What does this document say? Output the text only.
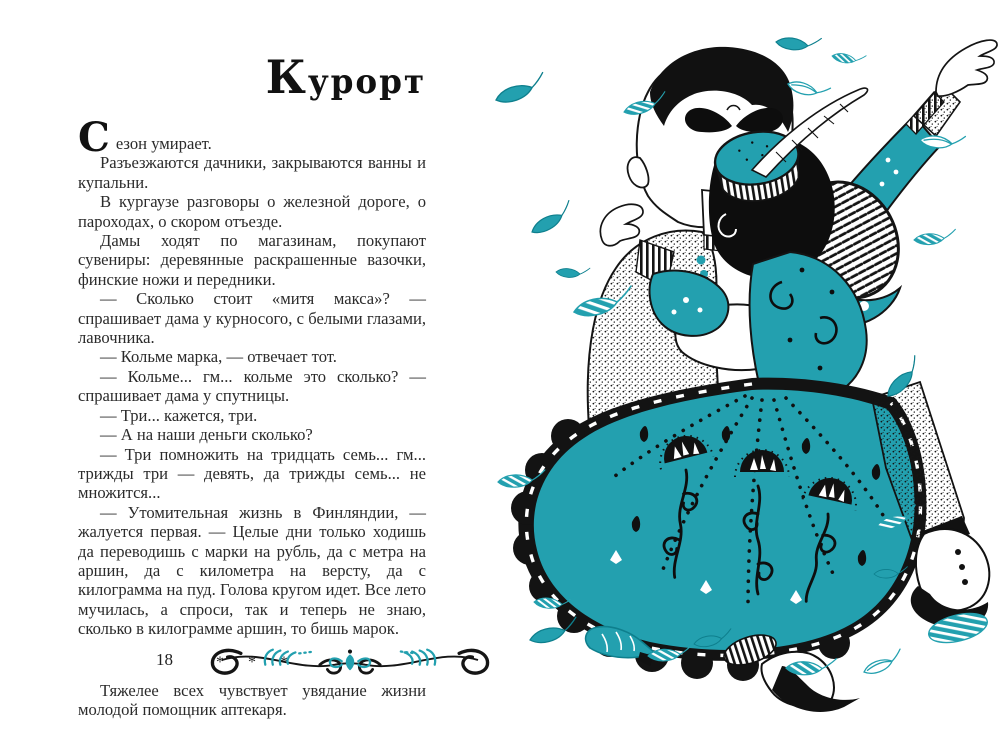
Курорт

Сезон умирает.

Разъезжаются дачники, закрываются ванны и купальни.

В кургаузе разговоры о железной дороге, о пароходах, о скором отъезде.

Дамы ходят по магазинам, покупают сувениры: деревянные раскрашенные вазочки, финские ножи и передники.

— Сколько стоит «митя макса»? — спрашивает дама у курносого, с белыми глазами, лавочника.

— Кольме марка, — отвечает тот.

— Кольме... гм... кольме это сколько? — спрашивает дама у спутницы.

— Три... кажется, три.

— А на наши деньги сколько?

— Три помножить на тридцать семь... гм... трижды три — девять, да трижды семь... не множится...

— Утомительная жизнь в Финляндии, — жалуется первая. — Целые дни только ходишь да переводишь с марки на рубль, да с метра на аршин, да с километра на версту, да с килограмма на пуд. Голова кругом идет. Все лето мучилась, а спроси, так и теперь не знаю, сколько в килограмме аршин, то бишь марок.

* * *

Тяжелее всех чувствует увядание жизни молодой помощник аптекаря.

18
